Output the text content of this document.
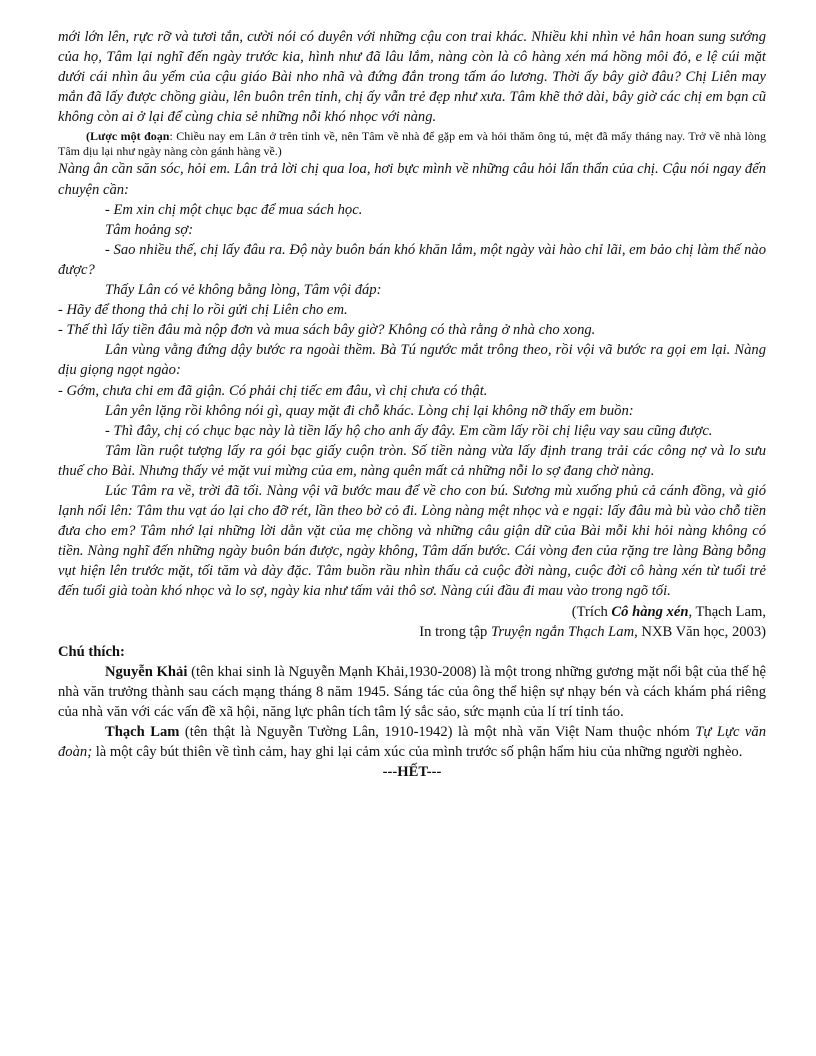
mới lớn lên, rực rỡ và tươi tắn, cười nói có duyên với những cậu con trai khác. Nhiều khi nhìn vẻ hân hoan sung sướng của họ, Tâm lại nghĩ đến ngày trước kia, hình như đã lâu lắm, nàng còn là cô hàng xén má hồng môi đỏ, e lệ cúi mặt dưới cái nhìn âu yếm của cậu giáo Bài nho nhã và đứng đắn trong tấm áo lương. Thời ấy bây giờ đâu? Chị Liên may mắn đã lấy được chồng giàu, lên buôn trên tỉnh, chị ấy vẫn trẻ đẹp như xưa. Tâm khẽ thở dài, bây giờ các chị em bạn cũ không còn ai ở lại để cùng chia sẻ những nỗi khó nhọc với nàng.

(Lược một đoạn: Chiều nay em Lân ở trên tỉnh về, nên Tâm về nhà để gặp em và hỏi thăm ông tú, mệt đã mấy tháng nay. Trở về nhà lòng Tâm dịu lại như ngày nàng còn gánh hàng về.)

Nàng ân cần săn sóc, hỏi em. Lân trả lời chị qua loa, hơi bực mình về những câu hỏi lẩn thẩn của chị. Cậu nói ngay đến chuyện cần:

- Em xin chị một chục bạc để mua sách học.

Tâm hoảng sợ:

- Sao nhiều thế, chị lấy đâu ra. Độ này buôn bán khó khăn lắm, một ngày vài hào chỉ lãi, em bảo chị làm thế nào được?

Thấy Lân có vẻ không bằng lòng, Tâm vội đáp:

- Hãy để thong thả chị lo rồi gửi chị Liên cho em.

- Thế thì lấy tiền đâu mà nộp đơn và mua sách bây giờ? Không có thà rằng ở nhà cho xong.

Lân vùng vằng đứng dậy bước ra ngoài thềm. Bà Tú ngước mắt trông theo, rồi vội vã bước ra gọi em lại. Nàng dịu giọng ngọt ngào:

- Gớm, chưa chi em đã giận. Có phải chị tiếc em đâu, vì chị chưa có thật.

Lân yên lặng rồi không nói gì, quay mặt đi chỗ khác. Lòng chị lại không nỡ thấy em buồn:

- Thì đây, chị có chục bạc này là tiền lấy hộ cho anh ấy đây. Em cầm lấy rồi chị liệu vay sau cũng được.

Tâm lần ruột tượng lấy ra gói bạc giấy cuộn tròn. Số tiền nàng vừa lấy định trang trải các công nợ và lo sưu thuế cho Bài. Nhưng thấy vẻ mặt vui mừng của em, nàng quên mất cả những nỗi lo sợ đang chờ nàng.

Lúc Tâm ra về, trời đã tối. Nàng vội vã bước mau để về cho con bú. Sương mù xuống phủ cả cánh đồng, và gió lạnh nổi lên: Tâm thu vạt áo lại cho đỡ rét, lần theo bờ cỏ đi. Lòng nàng mệt nhọc và e ngại: lấy đâu mà bù vào chỗ tiền đưa cho em? Tâm nhớ lại những lời dằn vặt của mẹ chồng và những câu giận dữ của Bài mỗi khi hỏi nàng không có tiền. Nàng nghĩ đến những ngày buôn bán được, ngày không, Tâm dấn bước. Cái vòng đen của rặng tre làng Bàng bỗng vụt hiện lên trước mặt, tối tăm và dày đặc. Tâm buồn rầu nhìn thấu cả cuộc đời nàng, cuộc đời cô hàng xén từ tuổi trẻ đến tuổi già toàn khó nhọc và lo sợ, ngày kia như tấm vải thô sơ. Nàng cúi đầu đi mau vào trong ngõ tối.

(Trích Cô hàng xén, Thạch Lam,

In trong tập Truyện ngắn Thạch Lam, NXB Văn học, 2003)

Chú thích:

Nguyễn Khải (tên khai sinh là Nguyễn Mạnh Khải,1930-2008) là một trong những gương mặt nổi bật của thế hệ nhà văn trưởng thành sau cách mạng tháng 8 năm 1945. Sáng tác của ông thể hiện sự nhạy bén và cách khám phá riêng của nhà văn với các vấn đề xã hội, năng lực phân tích tâm lý sắc sảo, sức mạnh của lí trí tỉnh táo.

Thạch Lam (tên thật là Nguyễn Tường Lân, 1910-1942) là một nhà văn Việt Nam thuộc nhóm Tự Lực văn đoàn; là một cây bút thiên về tình cảm, hay ghi lại cảm xúc của mình trước số phận hẩm hiu của những người nghèo.

---HẾT---
